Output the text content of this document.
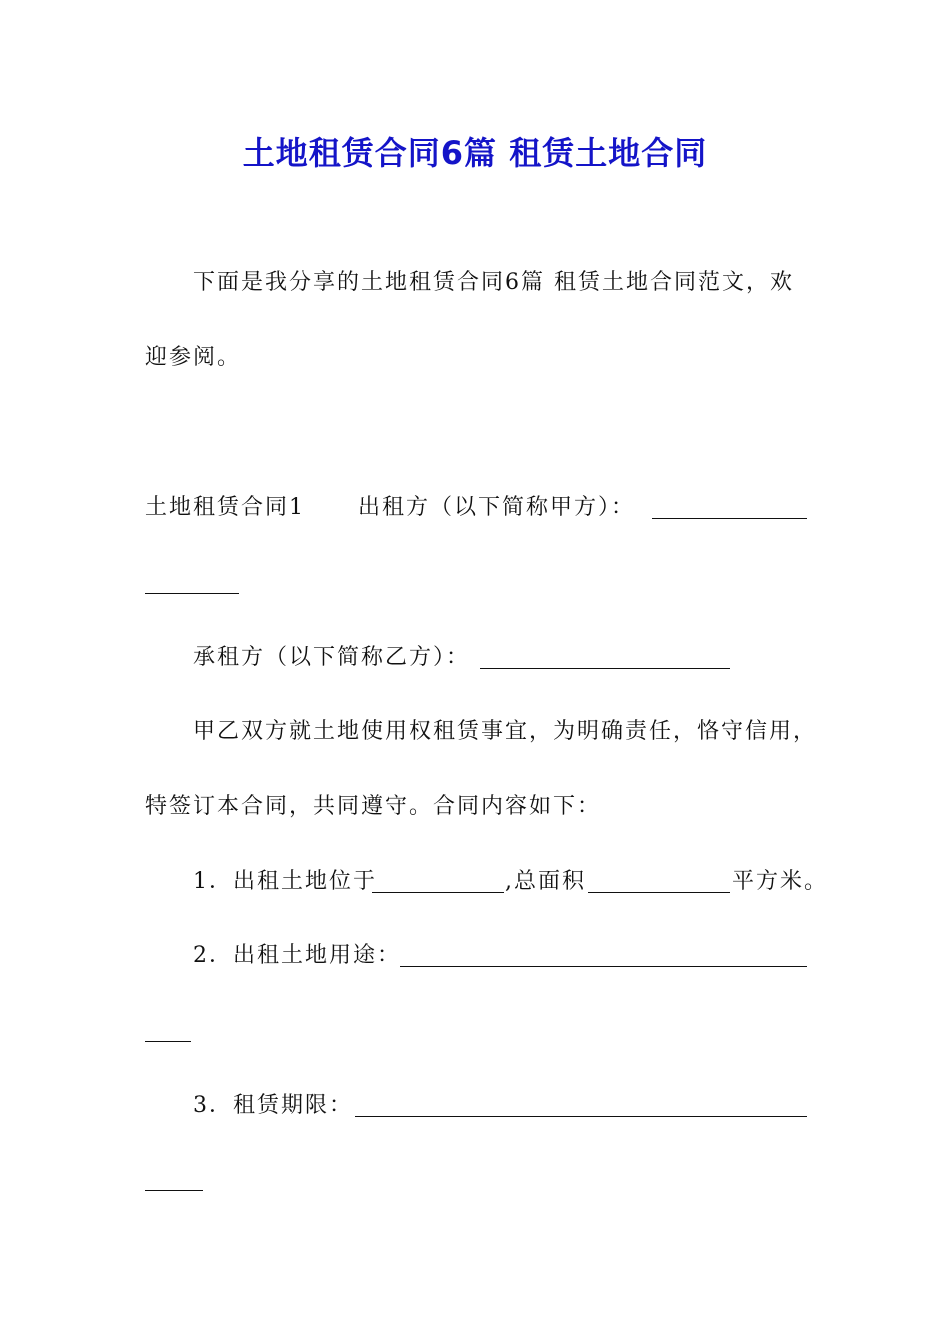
土地租赁合同6篇 租赁土地合同
下面是我分享的土地租赁合同6篇 租赁土地合同范文，欢
迎参阅。
土地租赁合同1 出租方（以下简称甲方）：
承租方（以下简称乙方）：
甲乙双方就土地使用权租赁事宜，为明确责任，恪守信用，
特签订本合同，共同遵守。合同内容如下：
1．出租土地位于	,总面积	平方米。
2．出租土地用途：
3．租赁期限：
